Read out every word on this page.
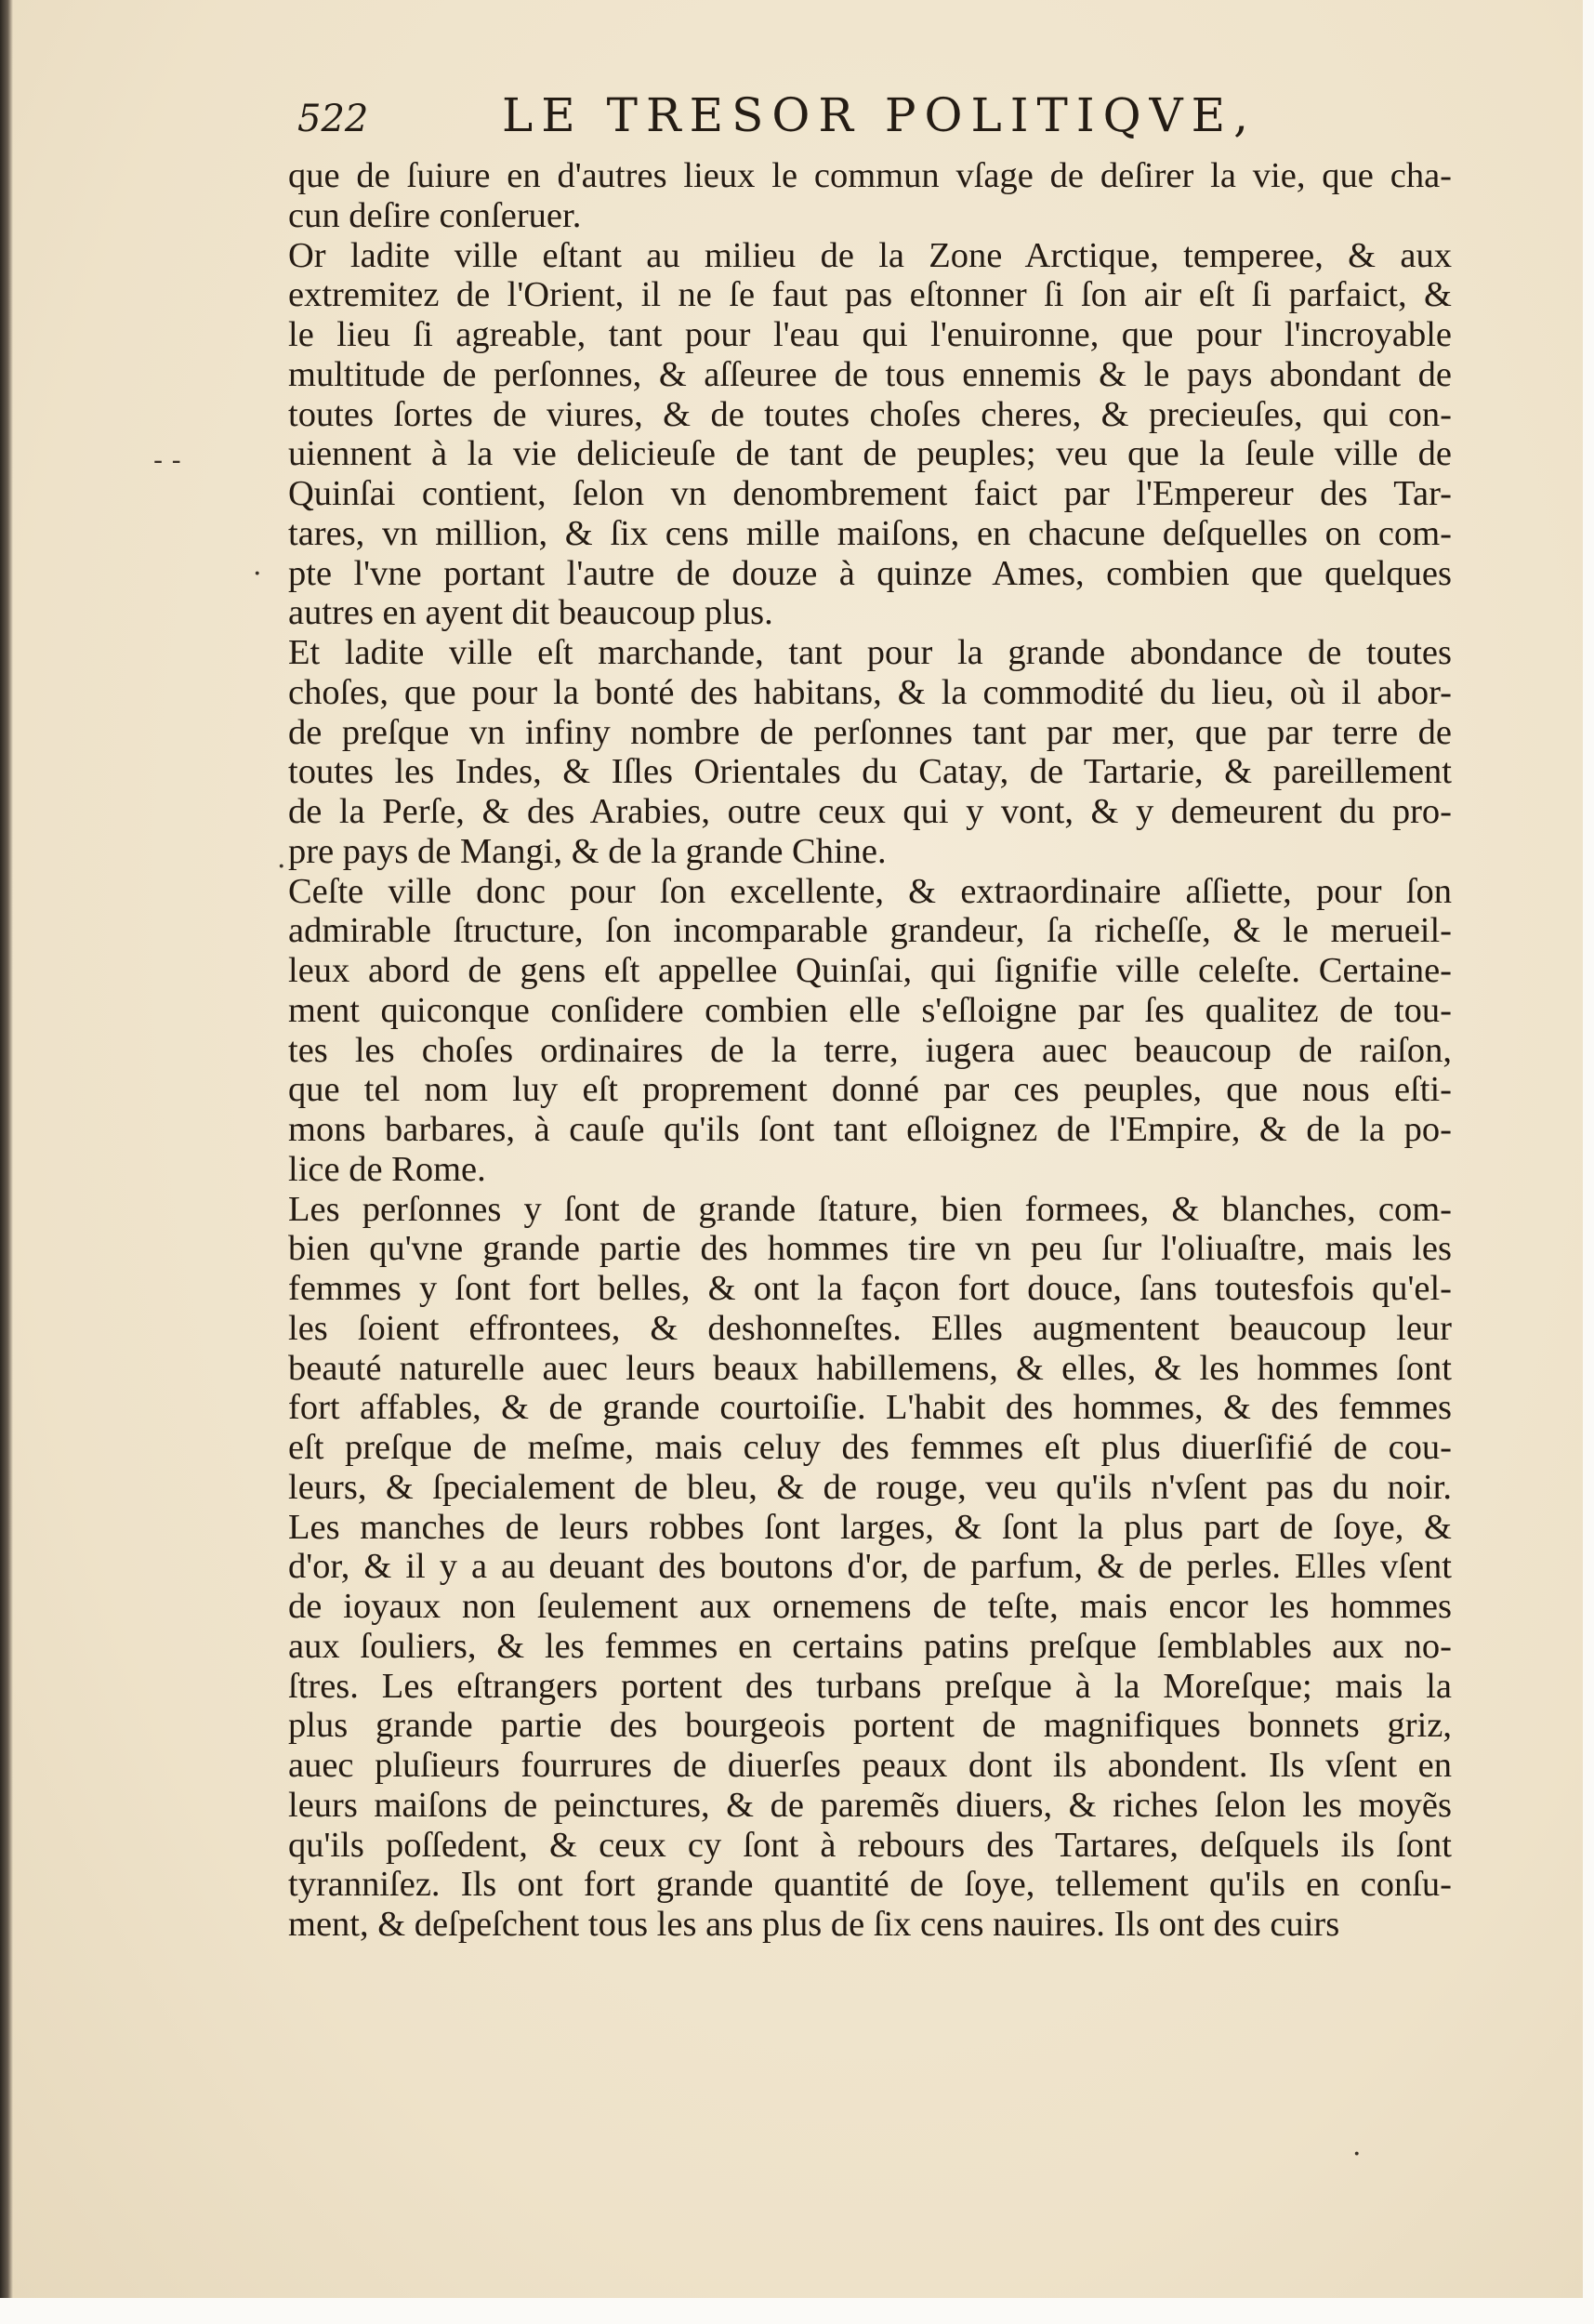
522	LE TRESOR POLITIQVE,
que de ſuiure en d'autres lieux le commun vſage de deſirer la vie, que cha-
cun deſire conſeruer.
Or ladite ville eſtant au milieu de la Zone Arctique, temperee, & aux
extremitez de l'Orient, il ne ſe faut pas eſtonner ſi ſon air eſt ſi parfaict, &
le lieu ſi agreable, tant pour l'eau qui l'enuironne, que pour l'incroyable
multitude de perſonnes, & aſſeuree de tous ennemis & le pays abondant de
toutes ſortes de viures, & de toutes choſes cheres, & precieuſes, qui con-
uiennent à la vie delicieuſe de tant de peuples; veu que la ſeule ville de
Quinſai contient, ſelon vn denombrement faict par l'Empereur des Tar-
tares, vn million, & ſix cens mille maiſons, en chacune deſquelles on com-
pte l'vne portant l'autre de douze à quinze Ames, combien que quelques
autres en ayent dit beaucoup plus.
Et ladite ville eſt marchande, tant pour la grande abondance de toutes
choſes, que pour la bonté des habitans, & la commodité du lieu, où il abor-
de preſque vn infiny nombre de perſonnes tant par mer, que par terre de
toutes les Indes, & Iſles Orientales du Catay, de Tartarie, & pareillement
de la Perſe, & des Arabies, outre ceux qui y vont, & y demeurent du pro-
pre pays de Mangi, & de la grande Chine.
Ceſte ville donc pour ſon excellente, & extraordinaire aſſiette, pour ſon
admirable ſtructure, ſon incomparable grandeur, ſa richeſſe, & le merueil-
leux abord de gens eſt appellee Quinſai, qui ſignifie ville celeſte. Certaine-
ment quiconque conſidere combien elle s'eſloigne par ſes qualitez de tou-
tes les choſes ordinaires de la terre, iugera auec beaucoup de raiſon,
que tel nom luy eſt proprement donné par ces peuples, que nous eſti-
mons barbares, à cauſe qu'ils ſont tant eſloignez de l'Empire, & de la po-
lice de Rome.
Les perſonnes y ſont de grande ſtature, bien formees, & blanches, com-
bien qu'vne grande partie des hommes tire vn peu ſur l'oliuaſtre, mais les
femmes y ſont fort belles, & ont la façon fort douce, ſans toutesfois qu'el-
les ſoient effrontees, & deshonneſtes. Elles augmentent beaucoup leur
beauté naturelle auec leurs beaux habillemens, & elles, & les hommes ſont
fort affables, & de grande courtoiſie. L'habit des hommes, & des femmes
eſt preſque de meſme, mais celuy des femmes eſt plus diuerſifié de cou-
leurs, & ſpecialement de bleu, & de rouge, veu qu'ils n'vſent pas du noir.
Les manches de leurs robbes ſont larges, & ſont la plus part de ſoye, &
d'or, & il y a au deuant des boutons d'or, de parfum, & de perles. Elles vſent
de ioyaux non ſeulement aux ornemens de teſte, mais encor les hommes
aux ſouliers, & les femmes en certains patins preſque ſemblables aux no-
ſtres. Les eſtrangers portent des turbans preſque à la Moreſque; mais la
plus grande partie des bourgeois portent de magnifiques bonnets griz,
auec pluſieurs fourrures de diuerſes peaux dont ils abondent. Ils vſent en
leurs maiſons de peinctures, & de paremẽs diuers, & riches ſelon les moyẽs
qu'ils poſſedent, & ceux cy ſont à rebours des Tartares, deſquels ils ſont
tyranniſez. Ils ont fort grande quantité de ſoye, tellement qu'ils en conſu-
ment, & deſpeſchent tous les ans plus de ſix cens nauires. Ils ont des cuirs
‐ ‐
·
·
·
